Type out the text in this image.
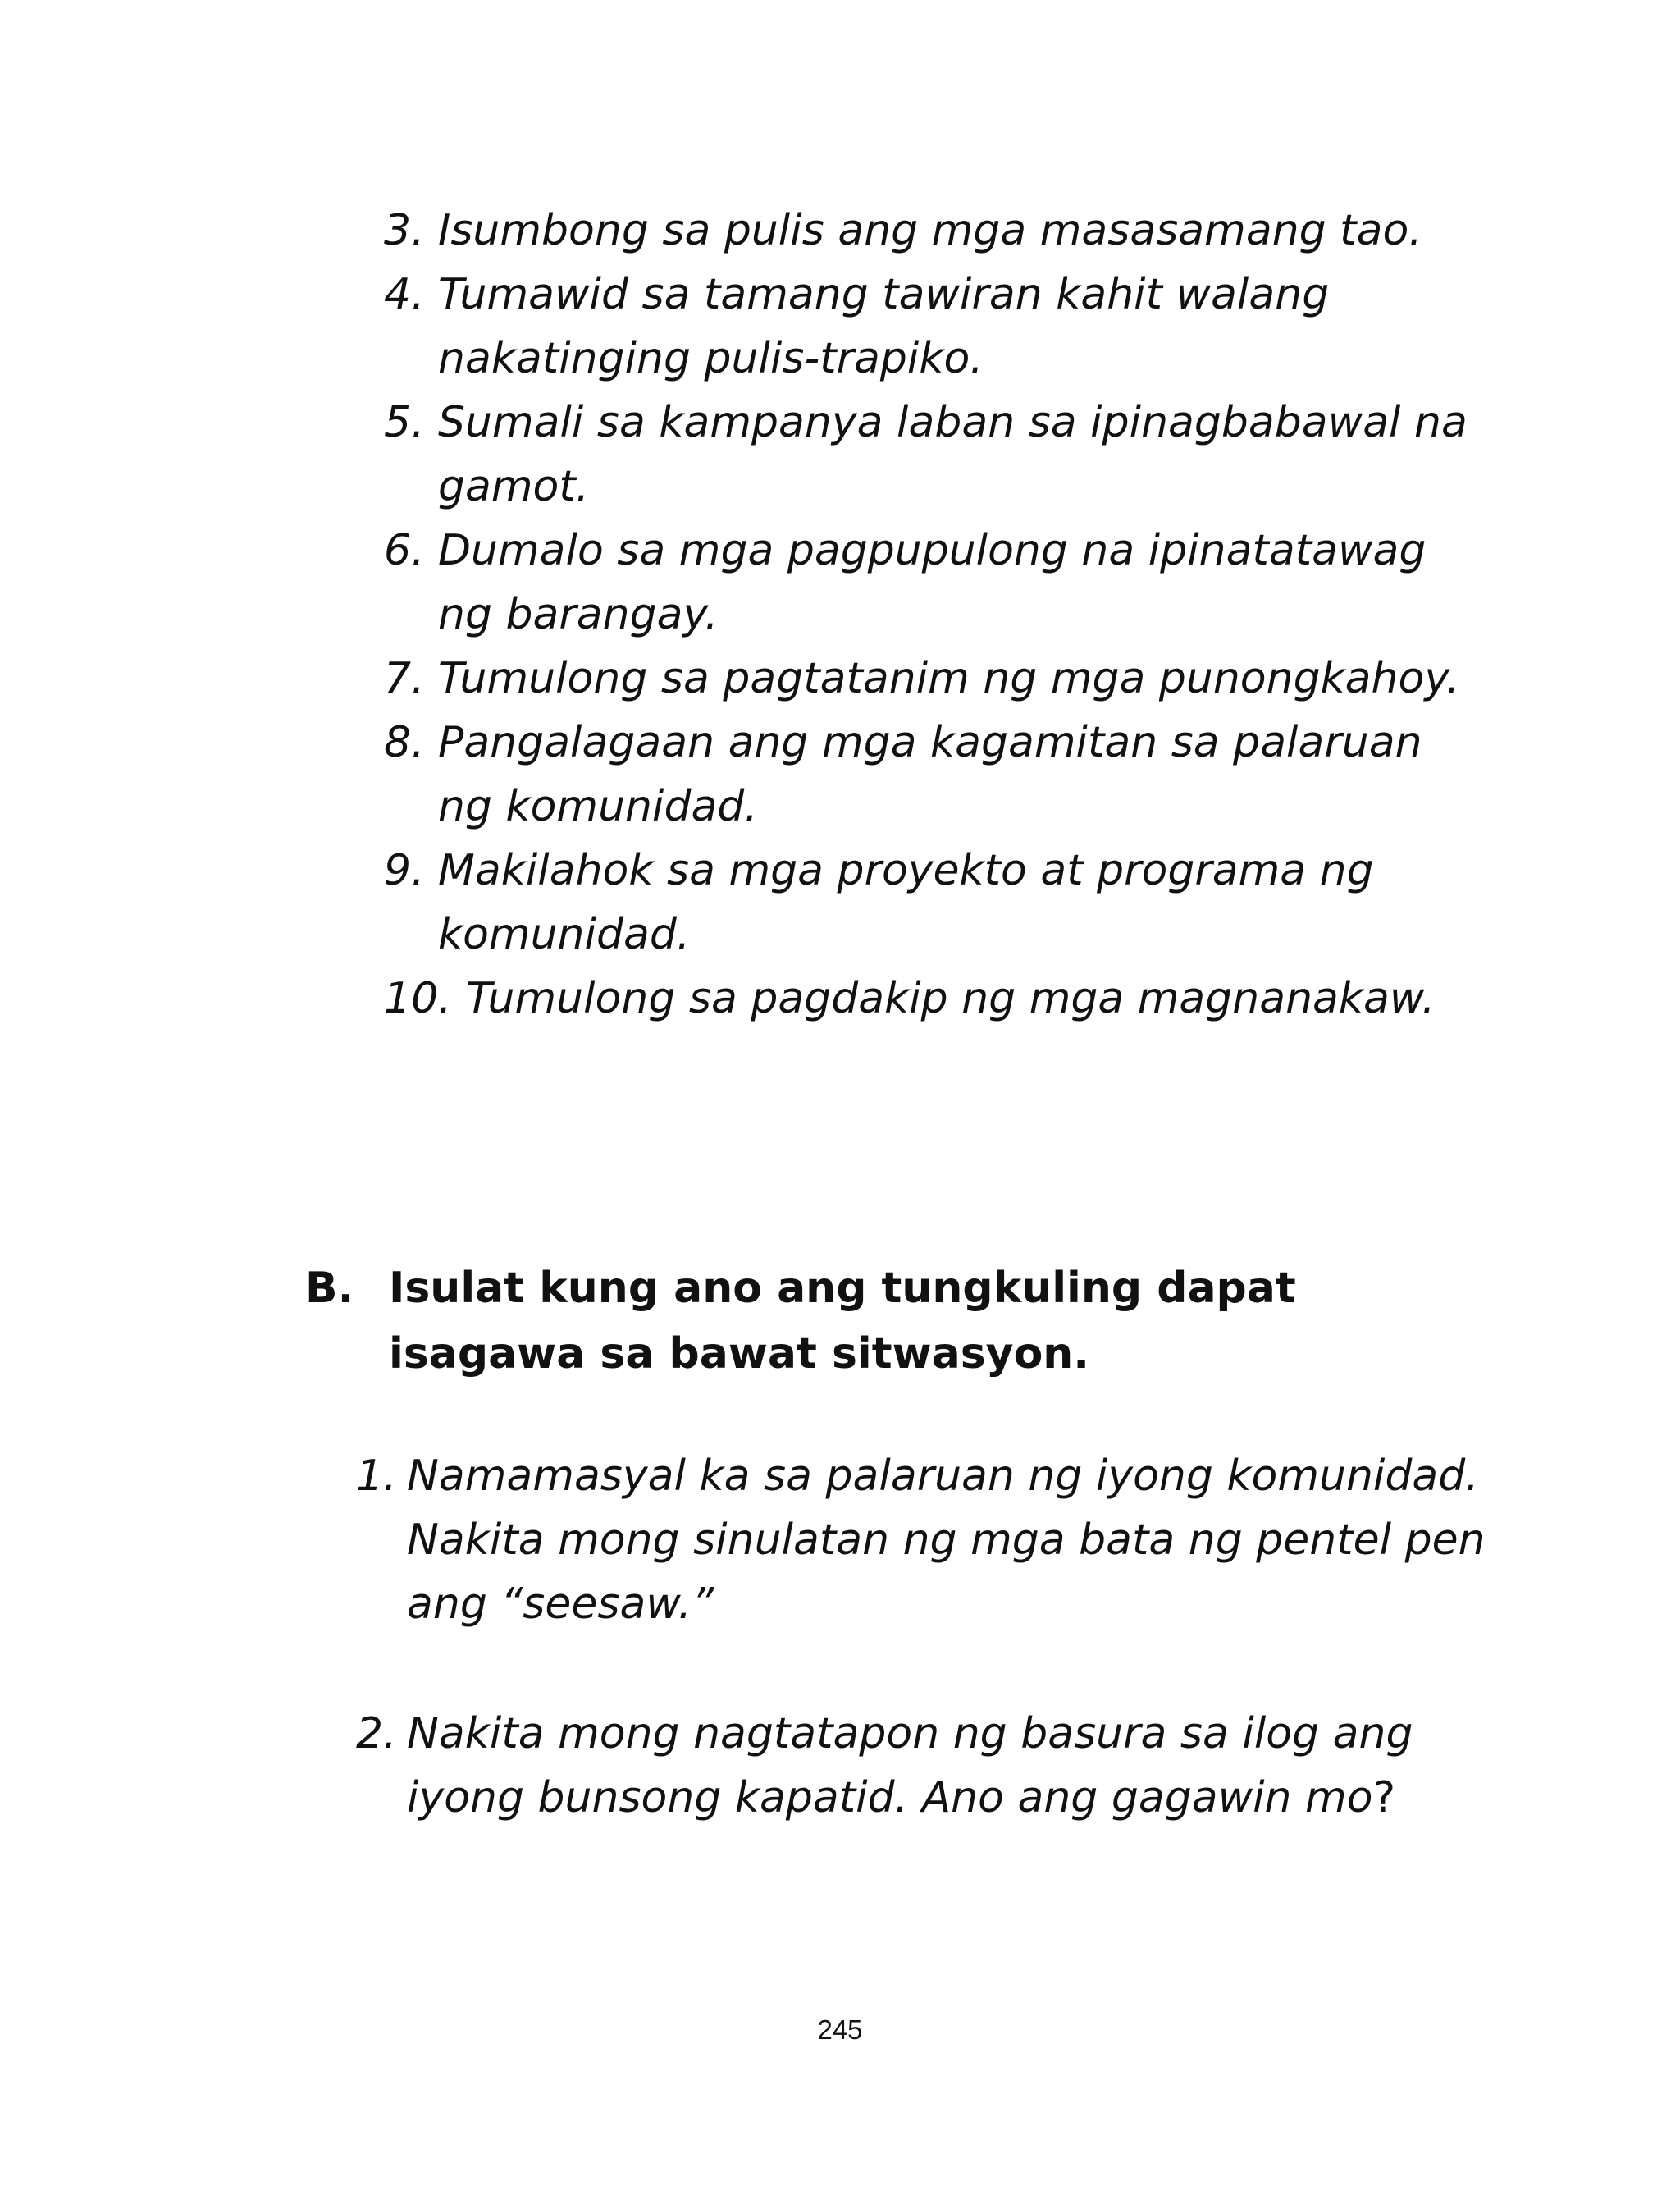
3. Isumbong sa pulis ang mga masasamang tao.
4. Tumawid sa tamang tawiran kahit walang nakatinging pulis-trapiko.
5. Sumali sa kampanya laban sa ipinagbabawal na gamot.
6. Dumalo sa mga pagpupulong na ipinatatawag ng barangay.
7. Tumulong sa pagtatanim ng mga punongkahoy.
8. Pangalagaan ang mga kagamitan sa palaruan ng komunidad.
9. Makilahok sa mga proyekto at programa ng komunidad.
10. Tumulong sa pagdakip ng mga magnanakaw.
B. Isulat kung ano ang tungkuling dapat isagawa sa bawat sitwasyon.
1. Namamasyal ka sa palaruan ng iyong komunidad. Nakita mong sinulatan ng mga bata ng pentel pen ang “seesaw.”
2. Nakita mong nagtatapon ng basura sa ilog ang iyong bunsong kapatid. Ano ang gagawin mo?
245
